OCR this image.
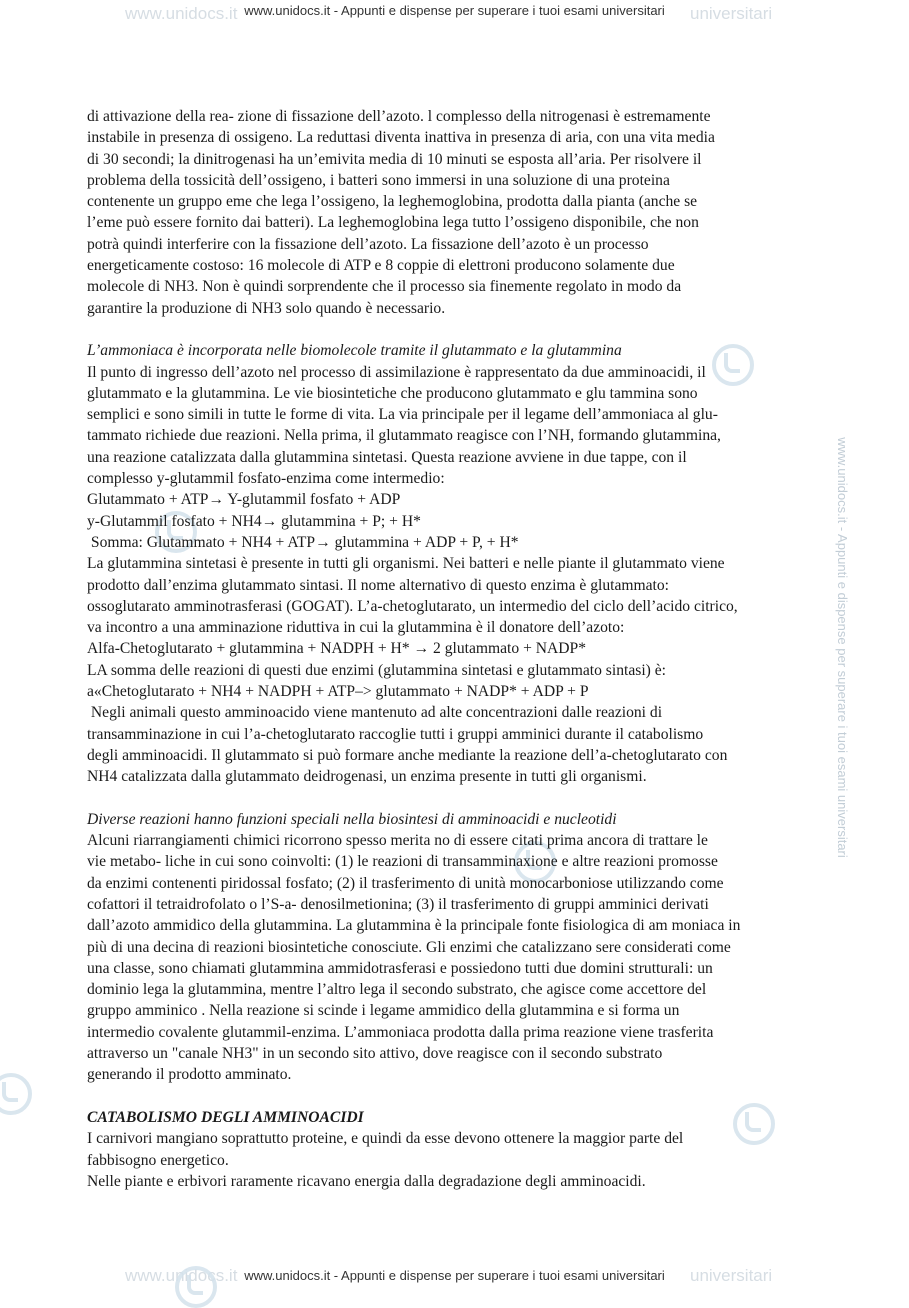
www.unidocs.it	universitari
www.unidocs.it	universitari
www.unidocs.it - Appunti e dispense per superare i tuoi esami universitari
www.unidocs.it - Appunti e dispense per superare i tuoi esami universitari

di attivazione della rea- zione di fissazione dell’azoto. l complesso della nitrogenasi è estremamente

instabile in presenza di ossigeno. La reduttasi diventa inattiva in presenza di aria, con una vita media

di 30 secondi; la dinitrogenasi ha un’emivita media di 10 minuti se esposta all’aria. Per risolvere il

problema della tossicità dell’ossigeno, i batteri sono immersi in una soluzione di una proteina

contenente un gruppo eme che lega l’ossigeno, la leghemoglobina, prodotta dalla pianta (anche se

l’eme può essere fornito dai batteri). La leghemoglobina lega tutto l’ossigeno disponibile, che non

potrà quindi interferire con la fissazione dell’azoto. La fissazione dell’azoto è un processo

energeticamente costoso: 16 molecole di ATP e 8 coppie di elettroni producono solamente due

molecole di NH3. Non è quindi sorprendente che il processo sia finemente regolato in modo da

garantire la produzione di NH3 solo quando è necessario.

L’ammoniaca è incorporata nelle biomolecole tramite il glutammato e la glutammina

Il punto di ingresso dell’azoto nel processo di assimilazione è rappresentato da due amminoacidi, il

glutammato e la glutammina. Le vie biosintetiche che producono glutammato e glu tammina sono

semplici e sono simili in tutte le forme di vita. La via principale per il legame dell’ammoniaca al glu-

tammato richiede due reazioni. Nella prima, il glutammato reagisce con l’NH, formando glutammina,

una reazione catalizzata dalla glutammina sintetasi. Questa reazione avviene in due tappe, con il

complesso y-glutammil fosfato-enzima come intermedio:

Glutammato + ATP→ Y-glutammil fosfato + ADP

y-Glutammil fosfato + NH4→ glutammina + P; + H*

Somma: Glutammato + NH4 + ATP→ glutammina + ADP + P, + H*

La glutammina sintetasi è presente in tutti gli organismi. Nei batteri e nelle piante il glutammato viene

prodotto dall’enzima glutammato sintasi. Il nome alternativo di questo enzima è glutammato:

ossoglutarato amminotrasferasi (GOGAT). L’a-chetoglutarato, un intermedio del ciclo dell’acido citrico,

va incontro a una amminazione riduttiva in cui la glutammina è il donatore dell’azoto:

Alfa-Chetoglutarato + glutammina + NADPH + H* → 2 glutammato + NADP*

LA somma delle reazioni di questi due enzimi (glutammina sintetasi e glutammato sintasi) è:

a«Chetoglutarato + NH4 + NADPH + ATP–> glutammato + NADP* + ADP + P

Negli animali questo amminoacido viene mantenuto ad alte concentrazioni dalle reazioni di

transamminazione in cui l’a-chetoglutarato raccoglie tutti i gruppi amminici durante il catabolismo

degli amminoacidi. Il glutammato si può formare anche mediante la reazione dell’a-chetoglutarato con

NH4 catalizzata dalla glutammato deidrogenasi, un enzima presente in tutti gli organismi.

Diverse reazioni hanno funzioni speciali nella biosintesi di amminoacidi e nucleotidi

Alcuni riarrangiamenti chimici ricorrono spesso merita no di essere citati prima ancora di trattare le

vie metabo- liche in cui sono coinvolti: (1) le reazioni di transamminaxione e altre reazioni promosse

da enzimi contenenti piridossal fosfato; (2) il trasferimento di unità monocarboniose utilizzando come

cofattori il tetraidrofolato o l’S-a- denosilmetionina; (3) il trasferimento di gruppi amminici derivati

dall’azoto ammidico della glutammina. La glutammina è la principale fonte fisiologica di am moniaca in

più di una decina di reazioni biosintetiche conosciute. Gli enzimi che catalizzano sere considerati come

una classe, sono chiamati glutammina ammidotrasferasi e possiedono tutti due domini strutturali: un

dominio lega la glutammina, mentre l’altro lega il secondo substrato, che agisce come accettore del

gruppo amminico . Nella reazione si scinde i legame ammidico della glutammina e si forma un

intermedio covalente glutammil-enzima. L’ammoniaca prodotta dalla prima reazione viene trasferita

attraverso un "canale NH3" in un secondo sito attivo, dove reagisce con il secondo substrato

generando il prodotto amminato.

CATABOLISMO DEGLI AMMINOACIDI

I carnivori mangiano soprattutto proteine, e quindi da esse devono ottenere la maggior parte del

fabbisogno energetico.

Nelle piante e erbivori raramente ricavano energia dalla degradazione degli amminoacidi.

www.unidocs.it - Appunti e dispense per superare i tuoi esami universitari
